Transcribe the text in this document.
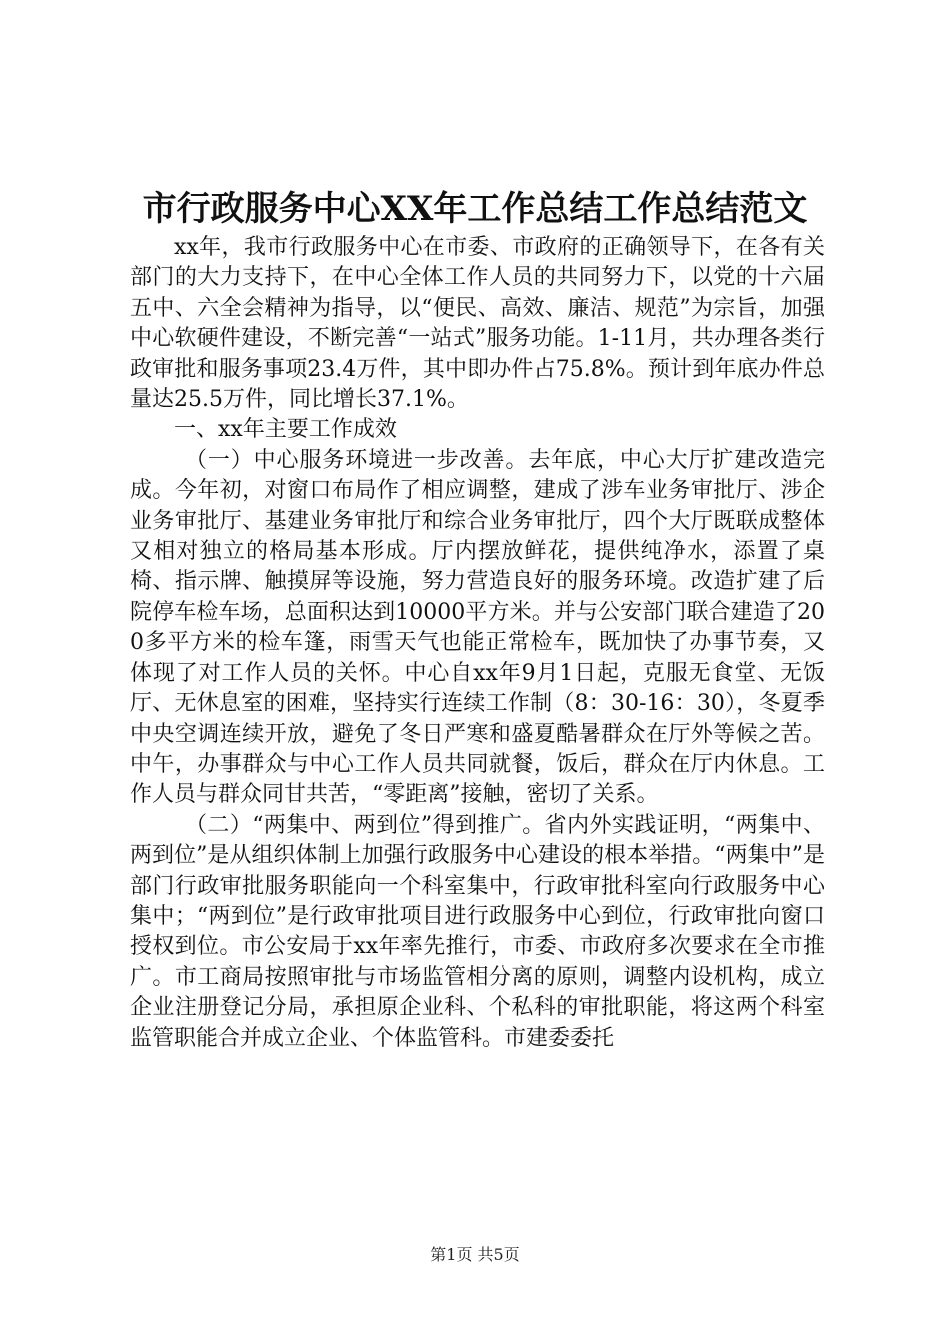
市行政服务中心XX年工作总结工作总结范文

xx年，我市行政服务中心在市委、市政府的正确领导下，在各有关部门的大力支持下，在中心全体工作人员的共同努力下，以党的十六届五中、六全会精神为指导，以“便民、高效、廉洁、规范”为宗旨，加强中心软硬件建设，不断完善“一站式”服务功能。1-11月，共办理各类行政审批和服务事项23.4万件，其中即办件占75.8%。预计到年底办件总量达25.5万件，同比增长37.1%。

一、xx年主要工作成效

（一）中心服务环境进一步改善。去年底，中心大厅扩建改造完成。今年初，对窗口布局作了相应调整，建成了涉车业务审批厅、涉企业务审批厅、基建业务审批厅和综合业务审批厅，四个大厅既联成整体又相对独立的格局基本形成。厅内摆放鲜花，提供纯净水，添置了桌椅、指示牌、触摸屏等设施，努力营造良好的服务环境。改造扩建了后院停车检车场，总面积达到10000平方米。并与公安部门联合建造了200多平方米的检车篷，雨雪天气也能正常检车，既加快了办事节奏，又体现了对工作人员的关怀。中心自xx年9月1日起，克服无食堂、无饭厅、无休息室的困难，坚持实行连续工作制（8：30-16：30），冬夏季中央空调连续开放，避免了冬日严寒和盛夏酷暑群众在厅外等候之苦。中午，办事群众与中心工作人员共同就餐，饭后，群众在厅内休息。工作人员与群众同甘共苦，“零距离”接触，密切了关系。

（二）“两集中、两到位”得到推广。省内外实践证明，“两集中、两到位”是从组织体制上加强行政服务中心建设的根本举措。“两集中”是部门行政审批服务职能向一个科室集中，行政审批科室向行政服务中心集中；“两到位”是行政审批项目进行政服务中心到位，行政审批向窗口授权到位。市公安局于xx年率先推行，市委、市政府多次要求在全市推广。市工商局按照审批与市场监管相分离的原则，调整内设机构，成立企业注册登记分局，承担原企业科、个私科的审批职能，将这两个科室监管职能合并成立企业、个体监管科。市建委委托

第1页 共5页
